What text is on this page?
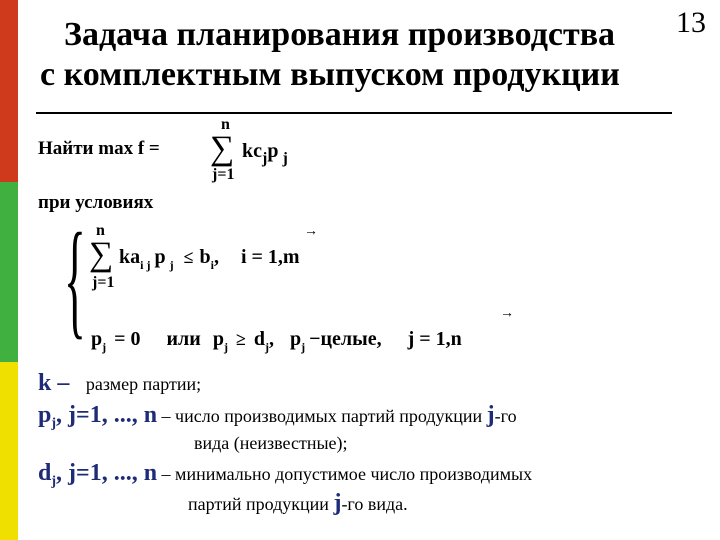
Задача планирования производства
с комплектным выпуском продукции
13
Найти max f =
n
∑
j=1
$kc_jp$ $_j$
при условиях
{ n
∑
j=1
$ka_{i j}$ p $_j \le b_i$, i = 1,m
→
$p_j = 0$ или $p_j \ge d_j$, $p_j$ −целые, j = 1,n
→
k – размер партии;
$p_j$, j=1, ..., n – число производимых партий продукции j-го
вида (неизвестные);
$d_j$, j=1, ..., n – минимально допустимое число производимых
партий продукции j-го вида.
